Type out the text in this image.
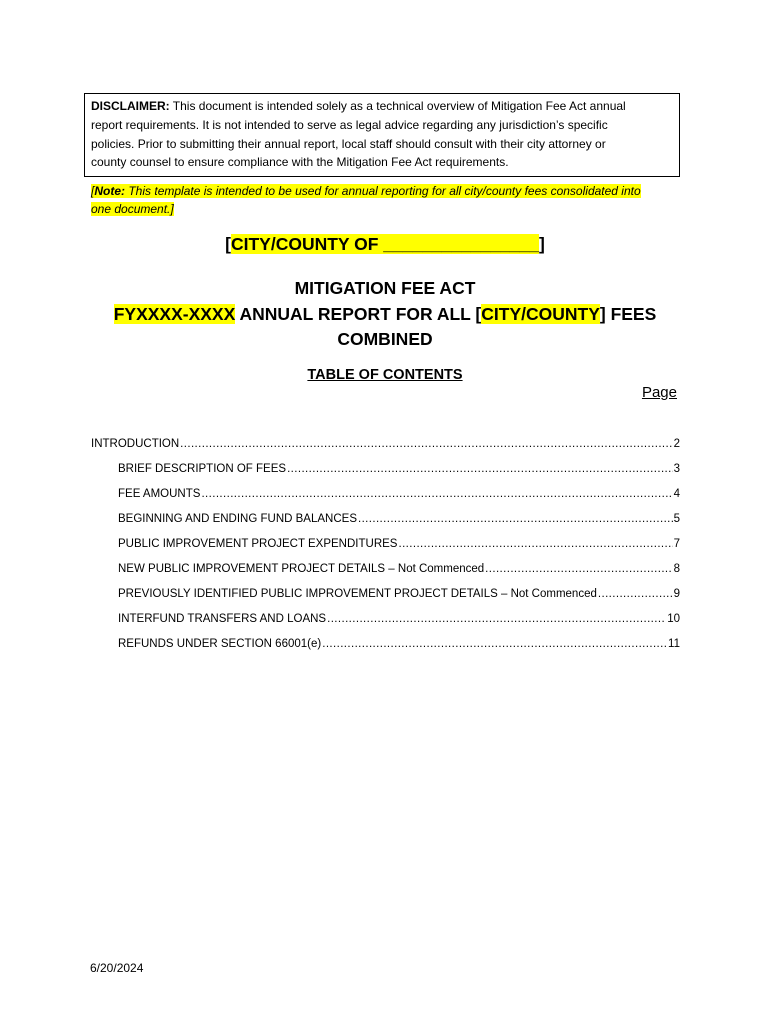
DISCLAIMER: This document is intended solely as a technical overview of Mitigation Fee Act annual
report requirements. It is not intended to serve as legal advice regarding any jurisdiction’s specific
policies. Prior to submitting their annual report, local staff should consult with their city attorney or
county counsel to ensure compliance with the Mitigation Fee Act requirements.
[Note: This template is intended to be used for annual reporting for all city/county fees consolidated into
one document.]
[CITY/COUNTY OF ________________]
MITIGATION FEE ACT
FYXXXX-XXXX ANNUAL REPORT FOR ALL [CITY/COUNTY] FEES
COMBINED
TABLE OF CONTENTS
Page
INTRODUCTION .....	2
BRIEF DESCRIPTION OF FEES .....	3
FEE AMOUNTS .....	4
BEGINNING AND ENDING FUND BALANCES .....	5
PUBLIC IMPROVEMENT PROJECT EXPENDITURES .....	7
NEW PUBLIC IMPROVEMENT PROJECT DETAILS – Not Commenced .....	8
PREVIOUSLY IDENTIFIED PUBLIC IMPROVEMENT PROJECT DETAILS – Not Commenced .....	9
INTERFUND TRANSFERS AND LOANS .....	10
REFUNDS UNDER SECTION 66001(e) .....	11
6/20/2024
